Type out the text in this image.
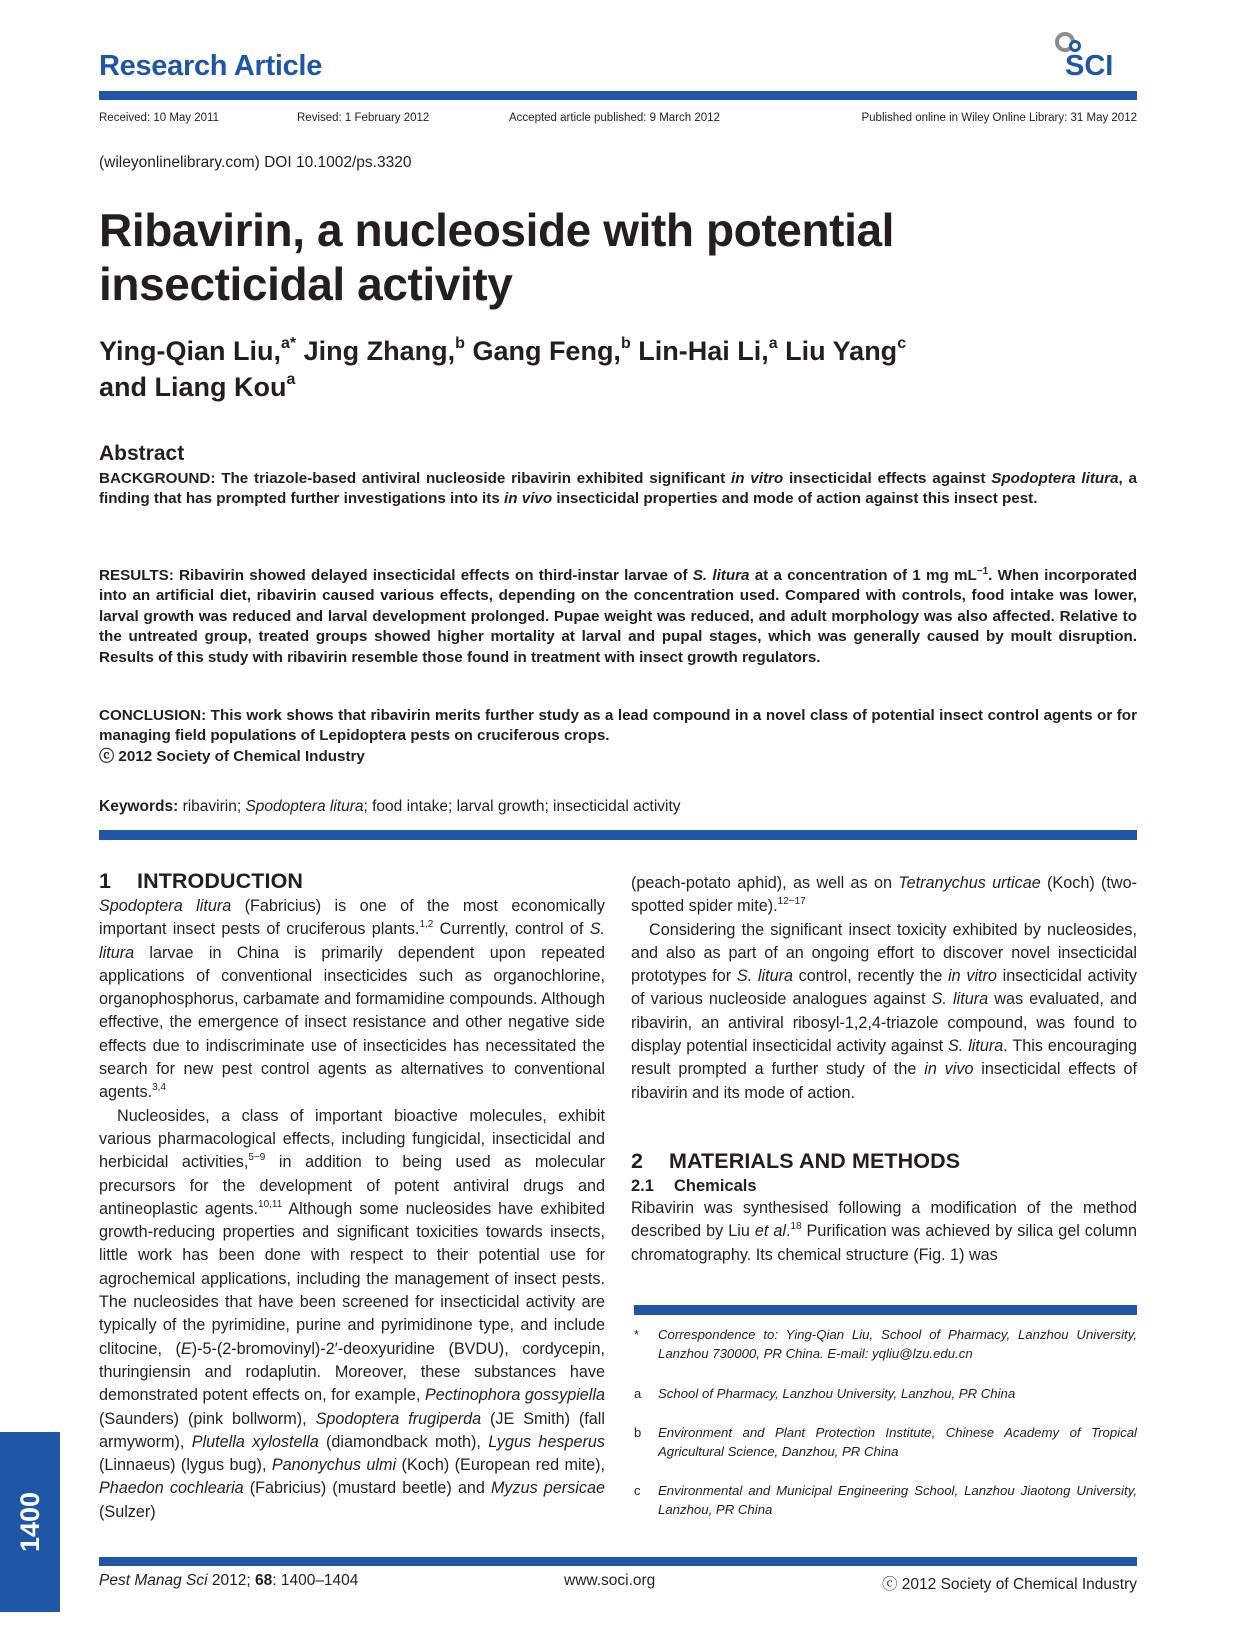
Research Article	SCI
Received: 10 May 2011	Revised: 1 February 2012	Accepted article published: 9 March 2012	Published online in Wiley Online Library: 31 May 2012
(wileyonlinelibrary.com) DOI 10.1002/ps.3320
Ribavirin, a nucleoside with potential
insecticidal activity
Ying-Qian Liu,$^{a*}$ Jing Zhang,$^b$ Gang Feng,$^b$ Lin-Hai Li,$^a$ Liu Yang$^c$
and Liang Kou$^a$
Abstract
BACKGROUND: The triazole-based antiviral nucleoside ribavirin exhibited significant in vitro insecticidal effects against Spodoptera litura, a finding that has prompted further investigations into its in vivo insecticidal properties and mode of action against this insect pest.
RESULTS: Ribavirin showed delayed insecticidal effects on third-instar larvae of S. litura at a concentration of 1 mg $mL^{-1}$. When incorporated into an artificial diet, ribavirin caused various effects, depending on the concentration used. Compared with controls, food intake was lower, larval growth was reduced and larval development prolonged. Pupae weight was reduced, and adult morphology was also affected. Relative to the untreated group, treated groups showed higher mortality at larval and pupal stages, which was generally caused by moult disruption. Results of this study with ribavirin resemble those found in treatment with insect growth regulators.
CONCLUSION: This work shows that ribavirin merits further study as a lead compound in a novel class of potential insect control agents or for managing field populations of Lepidoptera pests on cruciferous crops.
ⓒ 2012 Society of Chemical Industry
Keywords: ribavirin; Spodoptera litura; food intake; larval growth; insecticidal activity
1 INTRODUCTION

Spodoptera litura (Fabricius) is one of the most economically important insect pests of cruciferous plants.$^{1,2}$ Currently, control of S. litura larvae in China is primarily dependent upon repeated applications of conventional insecticides such as organochlorine, organophosphorus, carbamate and formamidine compounds. Although effective, the emergence of insect resistance and other negative side effects due to indiscriminate use of insecticides has necessitated the search for new pest control agents as alternatives to conventional agents.$^{3,4}$

Nucleosides, a class of important bioactive molecules, exhibit various pharmacological effects, including fungicidal, insecticidal and herbicidal activities,$^{5-9}$ in addition to being used as molecular precursors for the development of potent antiviral drugs and antineoplastic agents.$^{10,11}$ Although some nucleosides have exhibited growth-reducing properties and significant toxicities towards insects, little work has been done with respect to their potential use for agrochemical applications, including the management of insect pests. The nucleosides that have been screened for insecticidal activity are typically of the pyrimidine, purine and pyrimidinone type, and include clitocine, (E)-5-(2-bromovinyl)-2′-deoxyuridine (BVDU), cordycepin, thuringiensin and rodaplutin. Moreover, these substances have demonstrated potent effects on, for example, Pectinophora gossypiella (Saunders) (pink bollworm), Spodoptera frugiperda (JE Smith) (fall armyworm), Plutella xylostella (diamondback moth), Lygus hesperus (Linnaeus) (lygus bug), Panonychus ulmi (Koch) (European red mite), Phaedon cochlearia (Fabricius) (mustard beetle) and Myzus persicae (Sulzer)

(peach-potato aphid), as well as on Tetranychus urticae (Koch) (two-spotted spider mite).$^{12-17}$

Considering the significant insect toxicity exhibited by nucleosides, and also as part of an ongoing effort to discover novel insecticidal prototypes for S. litura control, recently the in vitro insecticidal activity of various nucleoside analogues against S. litura was evaluated, and ribavirin, an antiviral ribosyl-1,2,4-triazole compound, was found to display potential insecticidal activity against S. litura. This encouraging result prompted a further study of the in vivo insecticidal effects of ribavirin and its mode of action.

2 MATERIALS AND METHODS
2.1 Chemicals

Ribavirin was synthesised following a modification of the method described by Liu et al.$^{18}$ Purification was achieved by silica gel column chromatography. Its chemical structure (Fig. 1) was

*	Correspondence to: Ying-Qian Liu, School of Pharmacy, Lanzhou University, Lanzhou 730000, PR China. E-mail: yqliu@lzu.edu.cn
a	School of Pharmacy, Lanzhou University, Lanzhou, PR China
b	Environment and Plant Protection Institute, Chinese Academy of Tropical Agricultural Science, Danzhou, PR China
c	Environmental and Municipal Engineering School, Lanzhou Jiaotong University, Lanzhou, PR China
1400
Pest Manag Sci 2012; 68: 1400–1404	www.soci.org	ⓒ 2012 Society of Chemical Industry
